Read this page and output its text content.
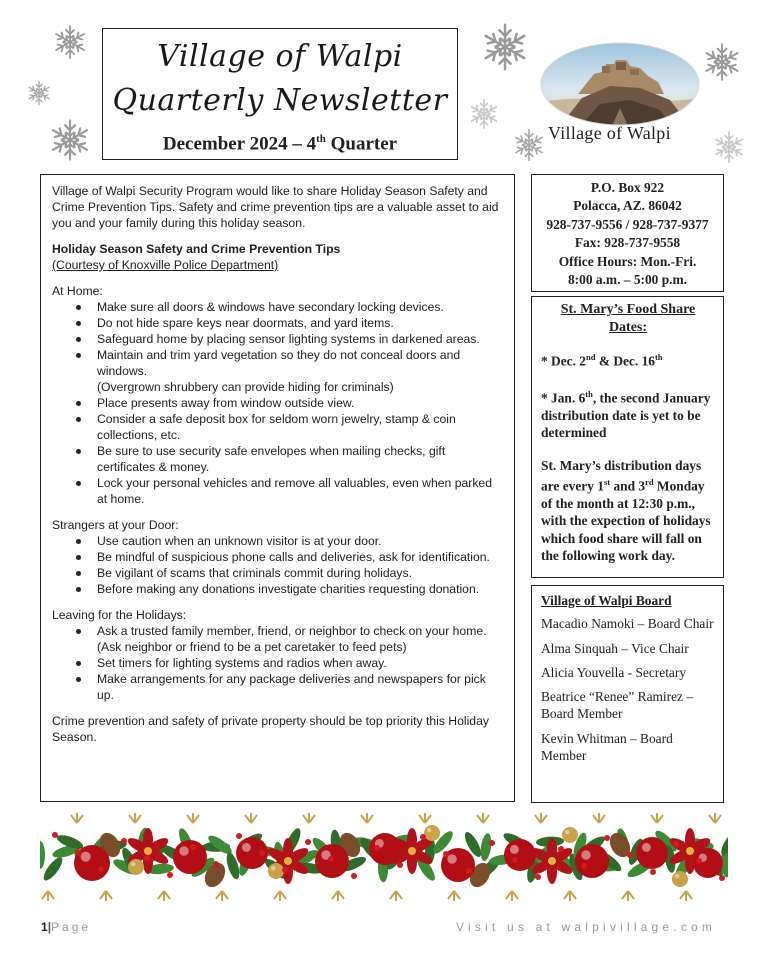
Village of Walpi
Quarterly Newsletter
December 2024 – 4th Quarter
Village of Walpi

Village of Walpi Security Program would like to share Holiday Season Safety and Crime Prevention Tips. Safety and crime prevention tips are a valuable asset to aid you and your family during this holiday season.

Holiday Season Safety and Crime Prevention Tips

(Courtesy of Knoxville Police Department)

At Home:

Make sure all doors & windows have secondary locking devices.
Do not hide spare keys near doormats, and yard items.
Safeguard home by placing sensor lighting systems in darkened areas.
Maintain and trim yard vegetation so they do not conceal doors and windows.
(Overgrown shrubbery can provide hiding for criminals)
Place presents away from window outside view.
Consider a safe deposit box for seldom worn jewelry, stamp & coin collections, etc.
Be sure to use security safe envelopes when mailing checks, gift certificates & money.
Lock your personal vehicles and remove all valuables, even when parked at home.

Strangers at your Door:

Use caution when an unknown visitor is at your door.
Be mindful of suspicious phone calls and deliveries, ask for identification.
Be vigilant of scams that criminals commit during holidays.
Before making any donations investigate charities requesting donation.

Leaving for the Holidays:

Ask a trusted family member, friend, or neighbor to check on your home. (Ask neighbor or friend to be a pet caretaker to feed pets)
Set timers for lighting systems and radios when away.
Make arrangements for any package deliveries and newspapers for pick up.

Crime prevention and safety of private property should be top priority this Holiday Season.

P.O. Box 922
Polacca, AZ. 86042
928-737-9556 / 928-737-9377
Fax: 928-737-9558
Office Hours: Mon.-Fri.
8:00 a.m. – 5:00 p.m.
St. Mary’s Food Share Dates:

* Dec. 2nd & Dec. 16th

* Jan. 6th, the second January distribution date is yet to be determined

St. Mary’s distribution days are every 1st and 3rd Monday of the month at 12:30 p.m., with the expection of holidays which food share will fall on the following work day.

Village of Walpi Board
Macadio Namoki – Board Chair
Alma Sinquah – Vice Chair
Alicia Youvella - Secretary
Beatrice “Renee” Ramirez – Board Member
Kevin Whitman – Board Member
1|Page	Visit us at walpivillage.com
